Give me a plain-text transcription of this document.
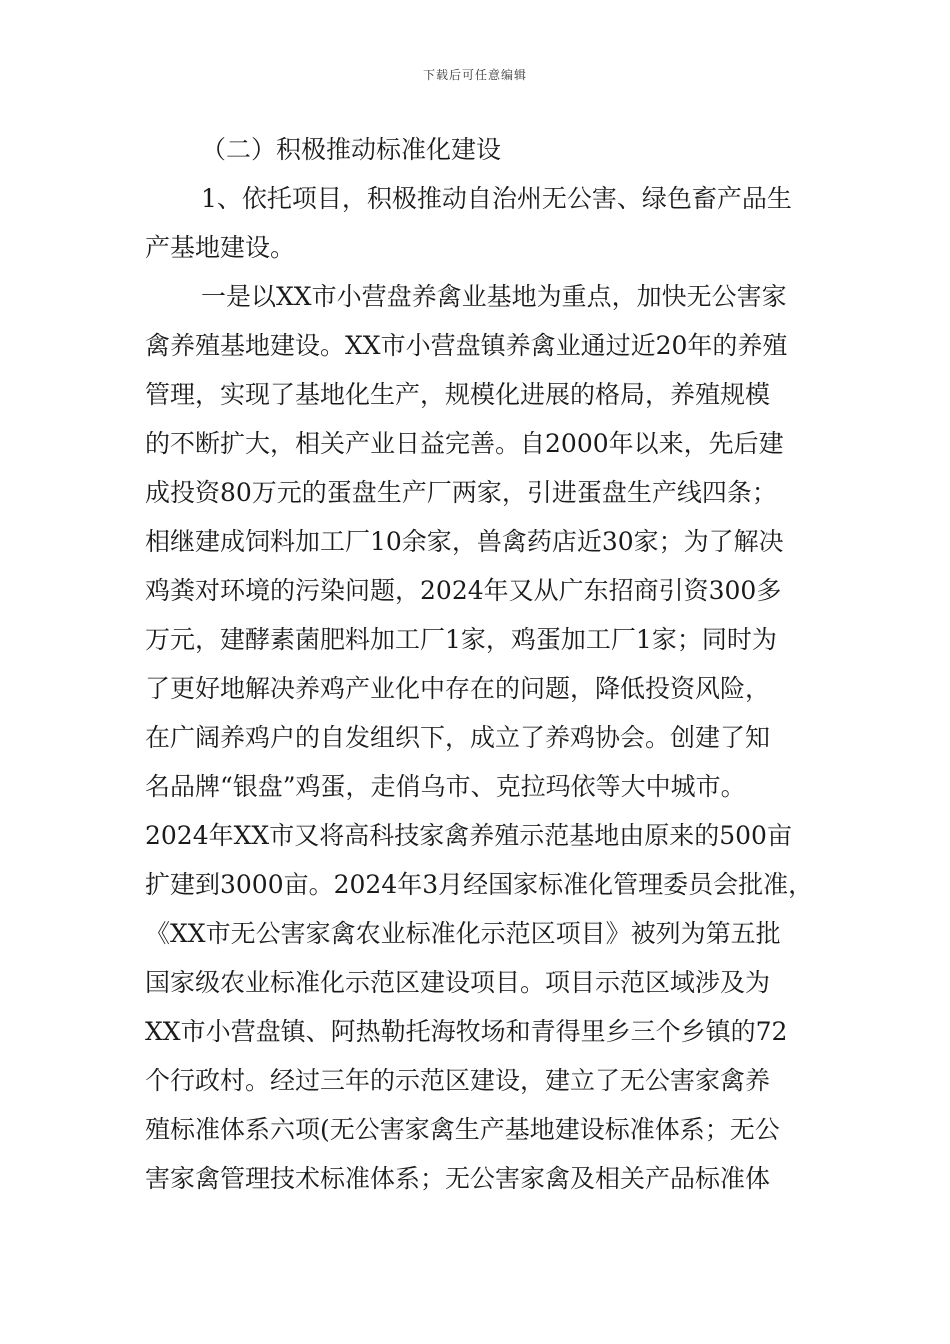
下载后可任意编辑

（二）积极推动标准化建设

1、依托项目，积极推动自治州无公害、绿色畜产品生
产基地建设。

一是以XX市小营盘养禽业基地为重点，加快无公害家
禽养殖基地建设。XX市小营盘镇养禽业通过近20年的养殖
管理，实现了基地化生产，规模化进展的格局，养殖规模
的不断扩大，相关产业日益完善。自2000年以来，先后建
成投资80万元的蛋盘生产厂两家，引进蛋盘生产线四条；
相继建成饲料加工厂10余家，兽禽药店近30家；为了解决
鸡粪对环境的污染问题，2024年又从广东招商引资300多
万元，建酵素菌肥料加工厂1家，鸡蛋加工厂1家；同时为
了更好地解决养鸡产业化中存在的问题，降低投资风险，
在广阔养鸡户的自发组织下，成立了养鸡协会。创建了知
名品牌“银盘”鸡蛋，走俏乌市、克拉玛依等大中城市。
2024年XX市又将高科技家禽养殖示范基地由原来的500亩
扩建到3000亩。2024年3月经国家标准化管理委员会批准，
《XX市无公害家禽农业标准化示范区项目》被列为第五批
国家级农业标准化示范区建设项目。项目示范区域涉及为
XX市小营盘镇、阿热勒托海牧场和青得里乡三个乡镇的72
个行政村。经过三年的示范区建设，建立了无公害家禽养
殖标准体系六项(无公害家禽生产基地建设标准体系；无公
害家禽管理技术标准体系；无公害家禽及相关产品标准体
